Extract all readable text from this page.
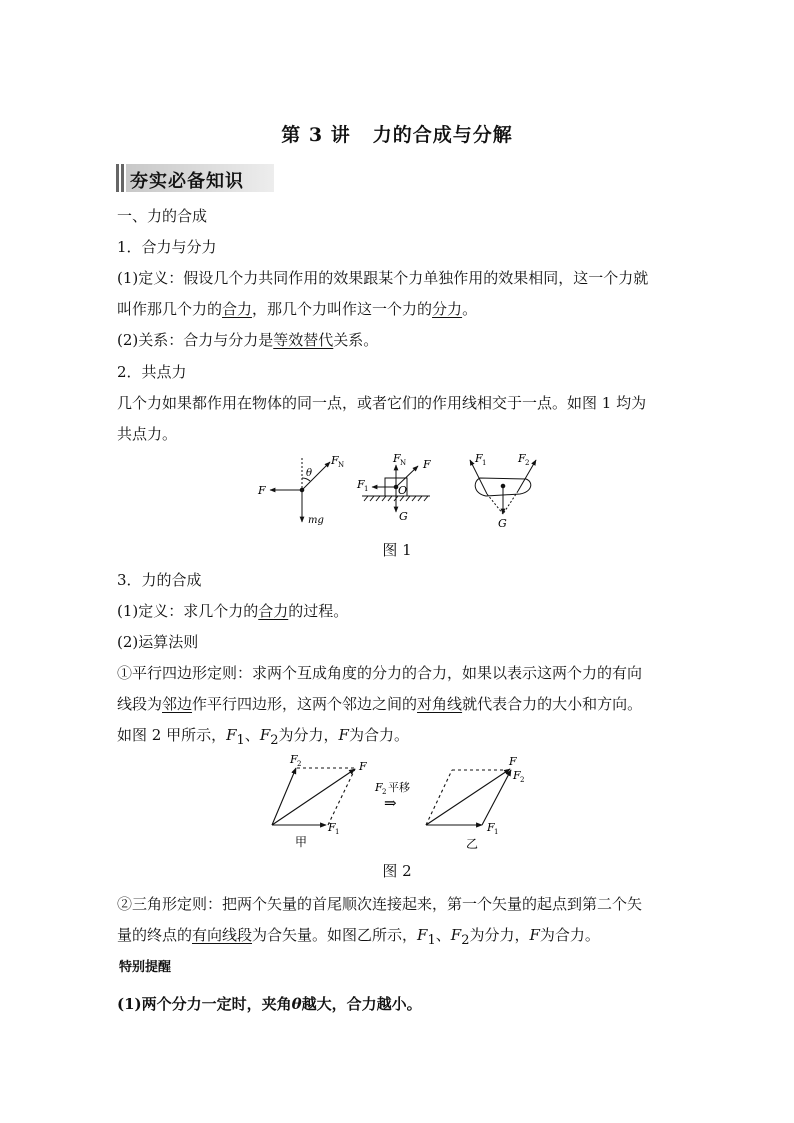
第 3 讲 力的合成与分解
夯实必备知识
一、力的合成
1．合力与分力
(1)定义：假设几个力共同作用的效果跟某个力单独作用的效果相同，这一个力就
叫作那几个力的合力，那几个力叫作这一个力的分力。
(2)关系：合力与分力是等效替代关系。
2．共点力
几个力如果都作用在物体的同一点，或者它们的作用线相交于一点。如图 1 均为
共点力。
F
F N
θ
mg
F N F
F 1	O
G
F 1	F 2
G
图 1
3．力的合成
(1)定义：求几个力的合力的过程。
(2)运算法则
①平行四边形定则：求两个互成角度的分力的合力，如果以表示这两个力的有向
线段为邻边作平行四边形，这两个邻边之间的对角线就代表合力的大小和方向。
如图 2 甲所示，$F_1$、$F_2$为分力，F为合力。
F 2	F
F 1
甲
F 2 平移
⇒
F
F 2
F 1
乙
图 2
②三角形定则：把两个矢量的首尾顺次连接起来，第一个矢量的起点到第二个矢
量的终点的有向线段为合矢量。如图乙所示，$F_1$、$F_2$为分力，F为合力。
特别提醒
(1)两个分力一定时，夹角θ越大，合力越小。
